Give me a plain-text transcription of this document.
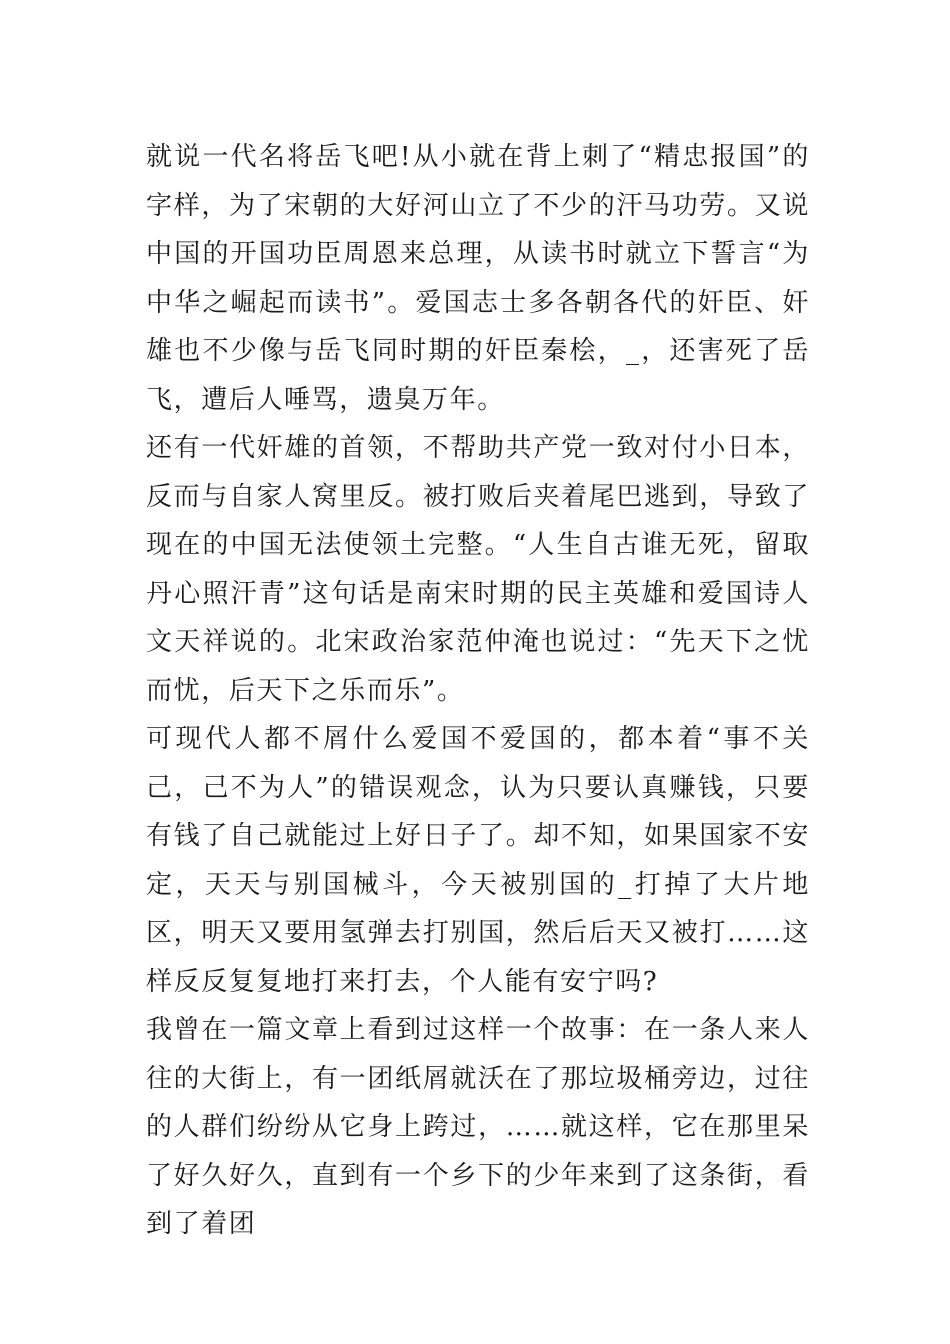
就说一代名将岳飞吧!从小就在背上刺了“精忠报国”的字样，为了宋朝的大好河山立了不少的汗马功劳。又说中国的开国功臣周恩来总理，从读书时就立下誓言“为中华之崛起而读书”。爱国志士多各朝各代的奸臣、奸雄也不少像与岳飞同时期的奸臣秦桧，_，还害死了岳飞，遭后人唾骂，遗臭万年。

还有一代奸雄的首领，不帮助共产党一致对付小日本，反而与自家人窝里反。被打败后夹着尾巴逃到，导致了现在的中国无法使领土完整。“人生自古谁无死，留取丹心照汗青”这句话是南宋时期的民主英雄和爱国诗人文天祥说的。北宋政治家范仲淹也说过：“先天下之忧而忧，后天下之乐而乐”。

可现代人都不屑什么爱国不爱国的，都本着“事不关己，己不为人”的错误观念，认为只要认真赚钱，只要有钱了自己就能过上好日子了。却不知，如果国家不安定，天天与别国械斗，今天被别国的_打掉了大片地区，明天又要用氢弹去打别国，然后后天又被打……这样反反复复地打来打去，个人能有安宁吗?

我曾在一篇文章上看到过这样一个故事：在一条人来人往的大街上，有一团纸屑就沃在了那垃圾桶旁边，过往的人群们纷纷从它身上跨过，……就这样，它在那里呆了好久好久，直到有一个乡下的少年来到了这条街，看到了着团
